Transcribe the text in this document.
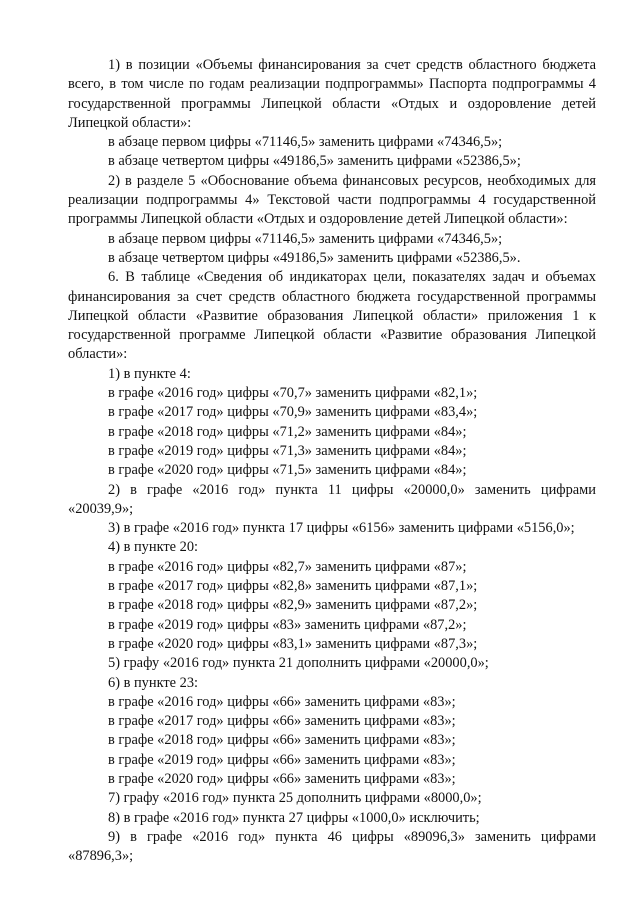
1) в позиции «Объемы финансирования за счет средств областного бюджета всего, в том числе по годам реализации подпрограммы» Паспорта подпрограммы 4 государственной программы Липецкой области «Отдых и оздоровление детей Липецкой области»:

в абзаце первом цифры «71146,5» заменить цифрами «74346,5»;

в абзаце четвертом цифры «49186,5» заменить цифрами «52386,5»;

2) в разделе 5 «Обоснование объема финансовых ресурсов, необходимых для реализации подпрограммы 4» Текстовой части подпрограммы 4 государственной программы Липецкой области «Отдых и оздоровление детей Липецкой области»:

в абзаце первом цифры «71146,5» заменить цифрами «74346,5»;

в абзаце четвертом цифры «49186,5» заменить цифрами «52386,5».

6. В таблице «Сведения об индикаторах цели, показателях задач и объемах финансирования за счет средств областного бюджета государственной программы Липецкой области «Развитие образования Липецкой области» приложения 1 к государственной программе Липецкой области «Развитие образования Липецкой области»:

1) в пункте 4:

в графе «2016 год» цифры «70,7» заменить цифрами «82,1»;

в графе «2017 год» цифры «70,9» заменить цифрами «83,4»;

в графе «2018 год» цифры «71,2» заменить цифрами «84»;

в графе «2019 год» цифры «71,3» заменить цифрами «84»;

в графе «2020 год» цифры «71,5» заменить цифрами «84»;

2) в графе «2016 год» пункта 11 цифры «20000,0» заменить цифрами «20039,9»;

3) в графе «2016 год» пункта 17 цифры «6156» заменить цифрами «5156,0»;

4) в пункте 20:

в графе «2016 год» цифры «82,7» заменить цифрами «87»;

в графе «2017 год» цифры «82,8» заменить цифрами «87,1»;

в графе «2018 год» цифры «82,9» заменить цифрами «87,2»;

в графе «2019 год» цифры «83» заменить цифрами «87,2»;

в графе «2020 год» цифры «83,1» заменить цифрами «87,3»;

5) графу «2016 год» пункта 21 дополнить цифрами «20000,0»;

6) в пункте 23:

в графе «2016 год» цифры «66» заменить цифрами «83»;

в графе «2017 год» цифры «66» заменить цифрами «83»;

в графе «2018 год» цифры «66» заменить цифрами «83»;

в графе «2019 год» цифры «66» заменить цифрами «83»;

в графе «2020 год» цифры «66» заменить цифрами «83»;

7) графу «2016 год» пункта 25 дополнить цифрами «8000,0»;

8) в графе «2016 год» пункта 27 цифры «1000,0» исключить;

9) в графе «2016 год» пункта 46 цифры «89096,3» заменить цифрами «87896,3»;
